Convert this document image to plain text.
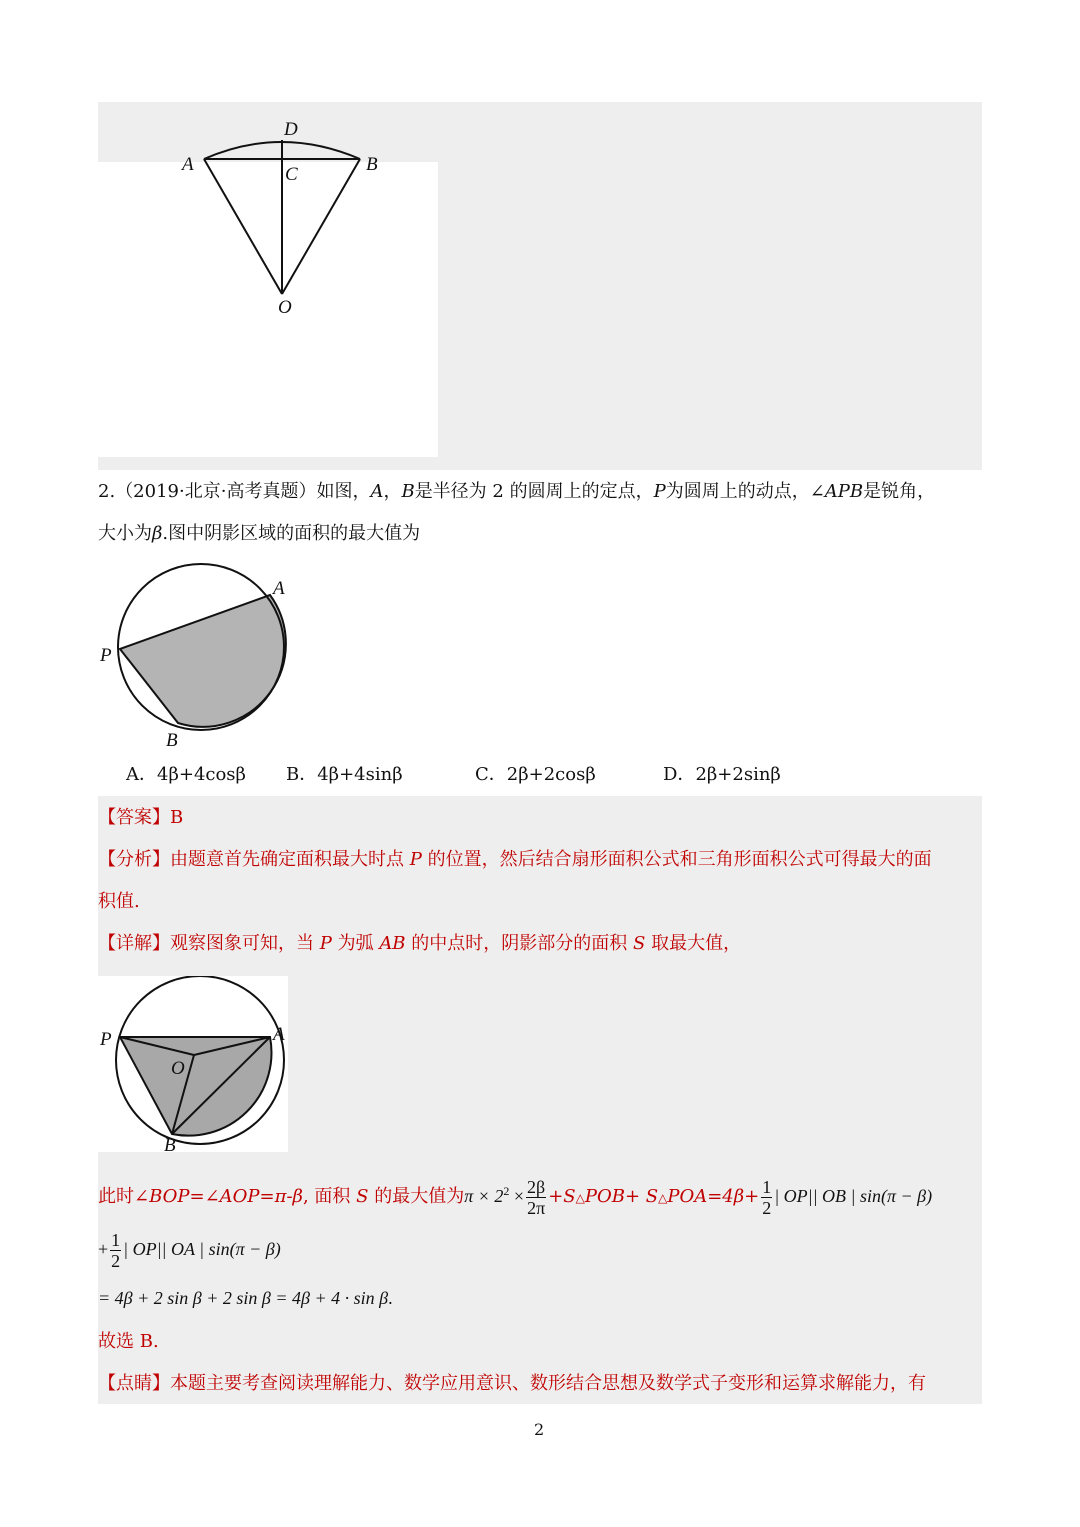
D
A	B
C
O
2.（2019·北京·高考真题）如图，A，B是半径为 2 的圆周上的定点，P为圆周上的动点，∠APB是锐角，
大小为β.图中阴影区域的面积的最大值为
A
P
B
A．4β+4cosβ B．4β+4sinβ	C．2β+2cosβ	D．2β+2sinβ
【答案】B
【分析】由题意首先确定面积最大时点 P 的位置，然后结合扇形面积公式和三角形面积公式可得最大的面
积值.
【详解】观察图象可知，当 P 为弧 AB 的中点时，阴影部分的面积 S 取最大值，
P	A
O
B
此时∠BOP=∠AOP=π-β, 面积 S 的最大值为$\pi \times 2^2 \times \frac{2\beta}{2\pi}$ +S△POB+ S△POA=4β+ $\frac{1}{2}$ | OP|| OB | sin(π − β)
+ $\frac{1}{2}$ | OP|| OA | sin(π − β)
= 4β + 2 sin β + 2 sin β = 4β + 4 · sin β.
故选 B.
【点睛】本题主要考查阅读理解能力、数学应用意识、数形结合思想及数学式子变形和运算求解能力，有
2
